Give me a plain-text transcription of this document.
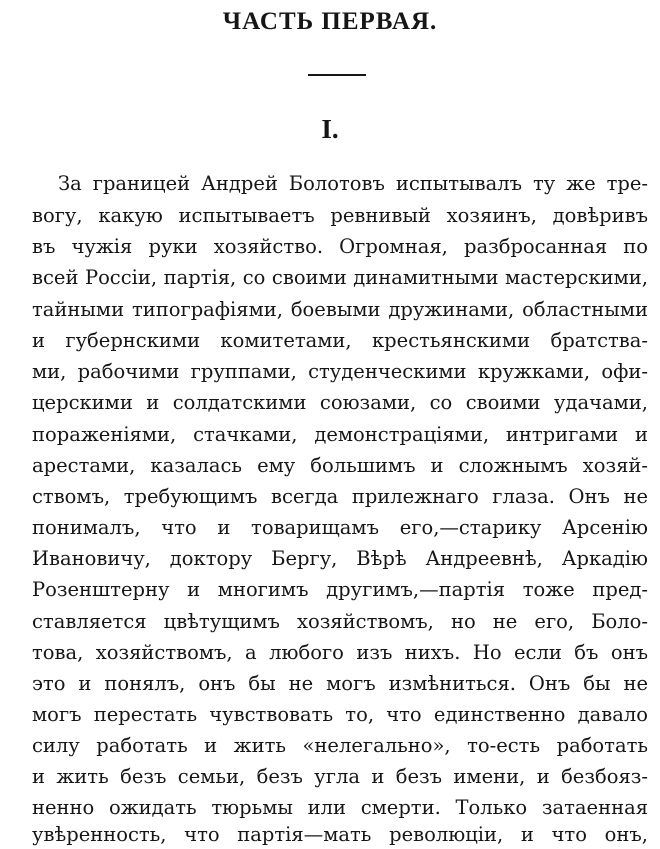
ЧАСТЬ ПЕРВАЯ.
I.

За границей Андрей Болотовъ испытывалъ ту же тре-

вогу, какую испытываетъ ревнивый хозяинъ, довѣривъ

въ чужія руки хозяйство. Огромная, разбросанная по

всей Россіи, партія, со своими динамитными мастерскими,

тайными типографіями, боевыми дружинами, областными

и губернскими комитетами, крестьянскими братства-

ми, рабочими группами, студенческими кружками, офи-

церскими и солдатскими союзами, со своими удачами,

пораженіями, стачками, демонстраціями, интригами и

арестами, казалась ему большимъ и сложнымъ хозяй-

ствомъ, требующимъ всегда прилежнаго глаза. Онъ не

понималъ, что и товарищамъ его,—старику Арсенію

Ивановичу, доктору Бергу, Вѣрѣ Андреевнѣ, Аркадію

Розенштерну и многимъ другимъ,—партія тоже пред-

ставляется цвѣтущимъ хозяйствомъ, но не его, Боло-

това, хозяйствомъ, а любого изъ нихъ. Но если бъ онъ

это и понялъ, онъ бы не могъ измѣниться. Онъ бы не

могъ перестать чувствовать то, что единственно давало

силу работать и жить «нелегально», то-есть работать

и жить безъ семьи, безъ угла и безъ имени, и безбояз-

ненно ожидать тюрьмы или смерти. Только затаенная

увѣренность, что партія—мать революціи, и что онъ,
